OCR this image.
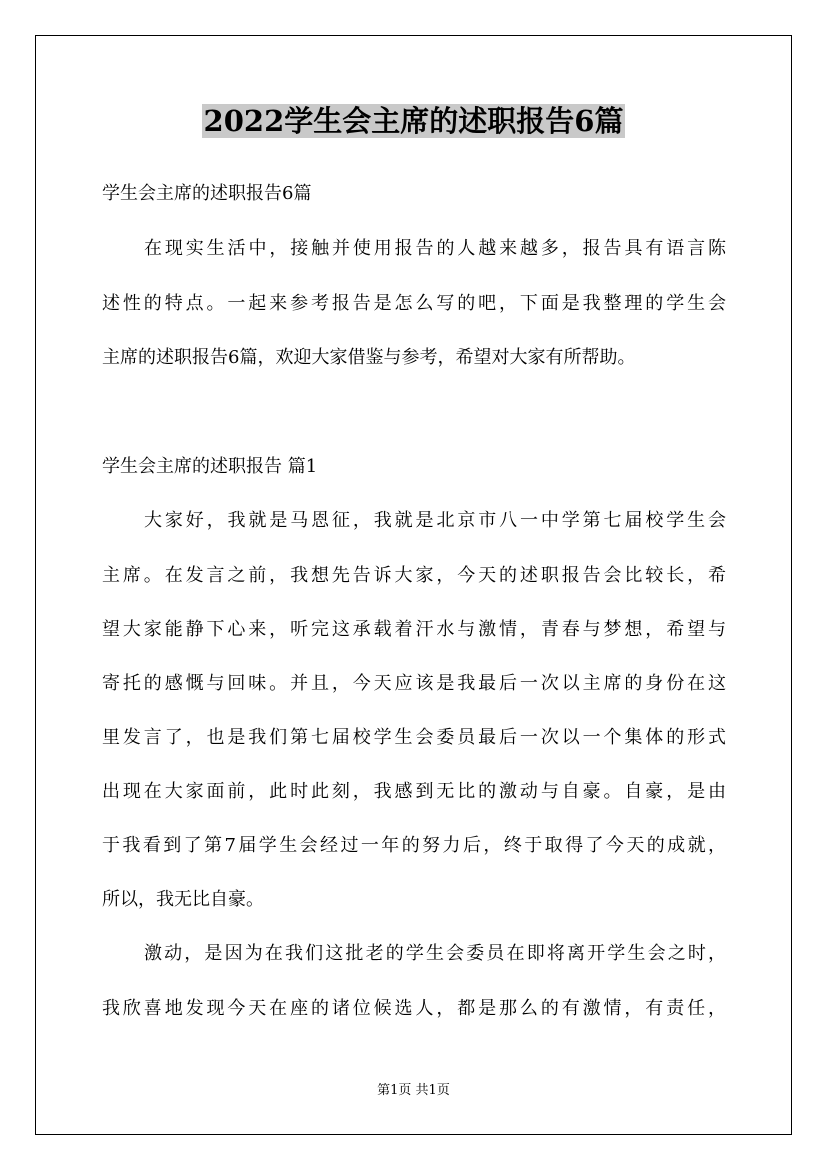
2022学生会主席的述职报告6篇

学生会主席的述职报告6篇

在现实生活中，接触并使用报告的人越来越多，报告具有语言陈

述性的特点。一起来参考报告是怎么写的吧，下面是我整理的学生会

主席的述职报告6篇，欢迎大家借鉴与参考，希望对大家有所帮助。

学生会主席的述职报告 篇1

大家好，我就是马恩征，我就是北京市八一中学第七届校学生会

主席。在发言之前，我想先告诉大家，今天的述职报告会比较长，希

望大家能静下心来，听完这承载着汗水与激情，青春与梦想，希望与

寄托的感慨与回味。并且，今天应该是我最后一次以主席的身份在这

里发言了，也是我们第七届校学生会委员最后一次以一个集体的形式

出现在大家面前，此时此刻，我感到无比的激动与自豪。自豪，是由

于我看到了第7届学生会经过一年的努力后，终于取得了今天的成就，

所以，我无比自豪。

激动，是因为在我们这批老的学生会委员在即将离开学生会之时，

我欣喜地发现今天在座的诸位候选人，都是那么的有激情，有责任，

第1页 共1页
